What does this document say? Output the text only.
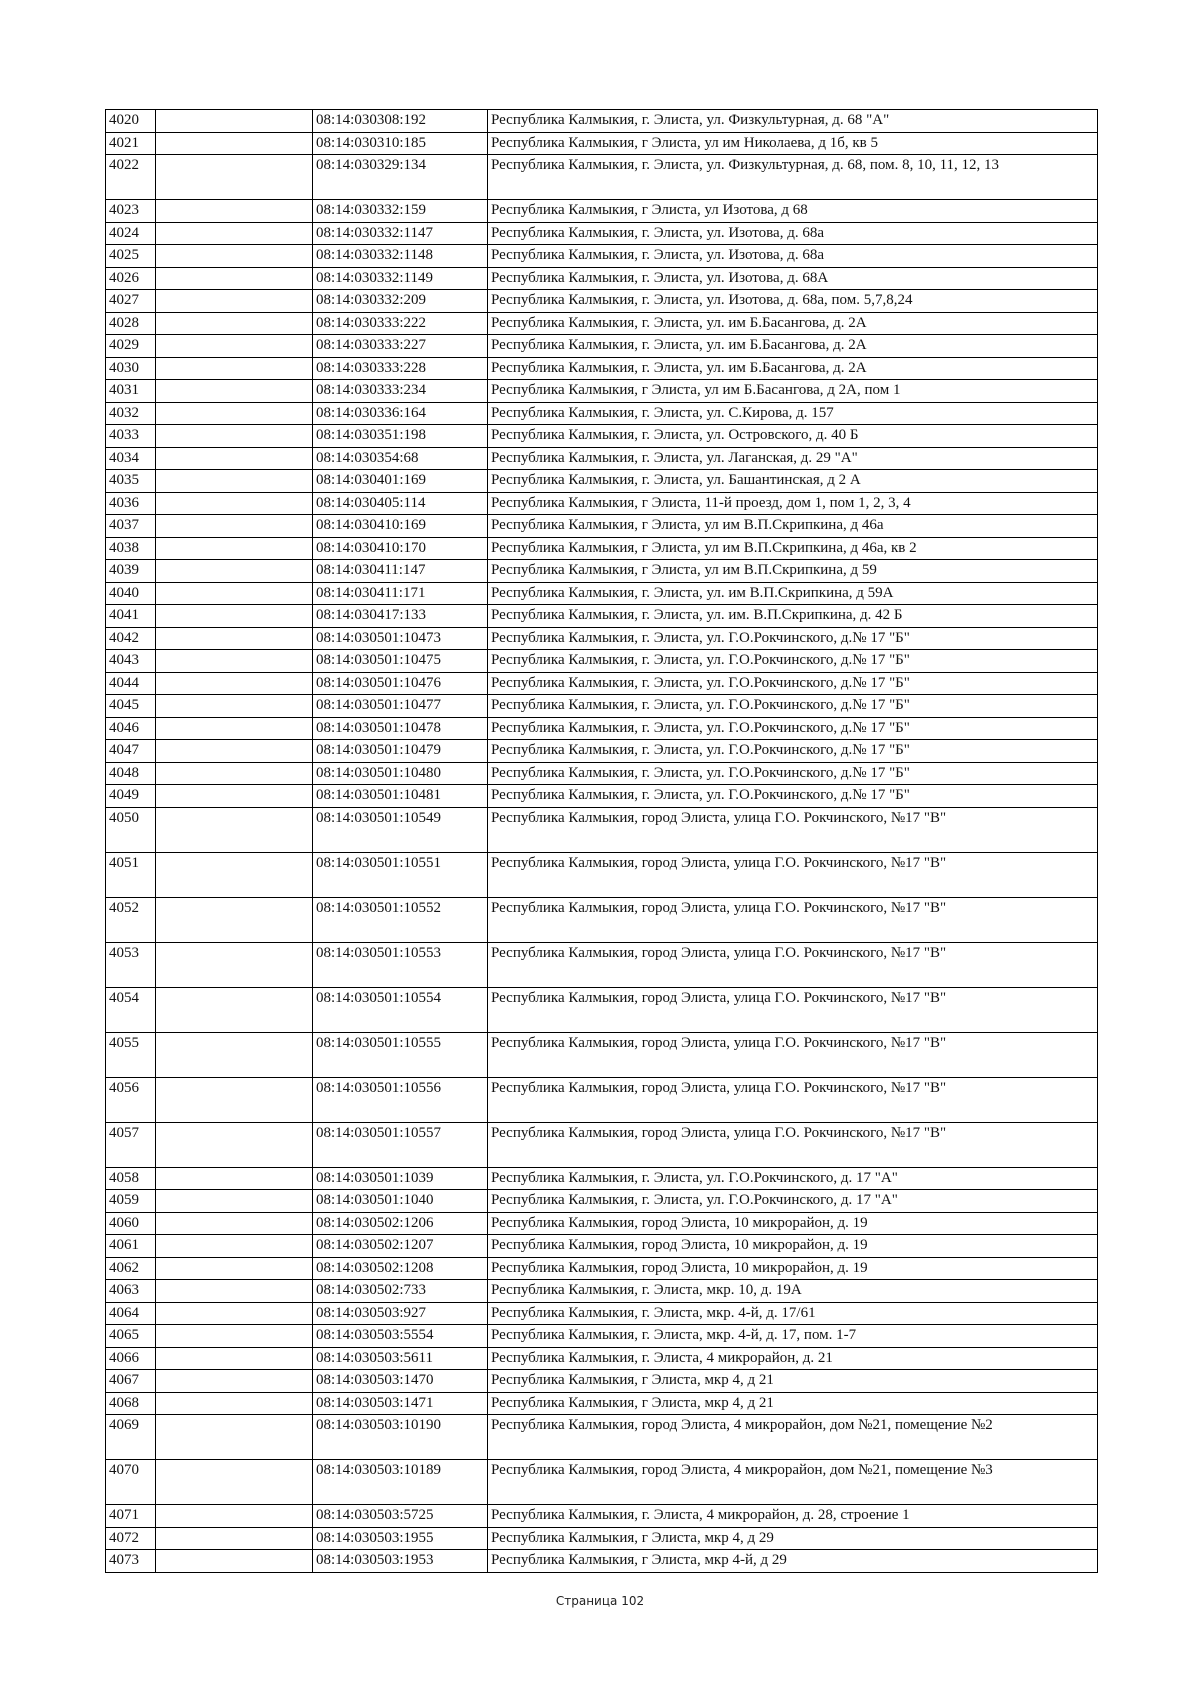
4020		08:14:030308:192	Республика Калмыкия, г. Элиста, ул. Физкультурная, д. 68 "А"
4021		08:14:030310:185	Республика Калмыкия, г Элиста, ул им Николаева, д 1б, кв 5
4022		08:14:030329:134	Республика Калмыкия, г. Элиста, ул. Физкультурная, д. 68, пом. 8, 10, 11, 12, 13
4023		08:14:030332:159	Республика Калмыкия, г Элиста, ул Изотова, д 68
4024		08:14:030332:1147	Республика Калмыкия, г. Элиста, ул. Изотова, д. 68а
4025		08:14:030332:1148	Республика Калмыкия, г. Элиста, ул. Изотова, д. 68а
4026		08:14:030332:1149	Республика Калмыкия, г. Элиста, ул. Изотова, д. 68А
4027		08:14:030332:209	Республика Калмыкия, г. Элиста, ул. Изотова, д. 68а, пом. 5,7,8,24
4028		08:14:030333:222	Республика Калмыкия, г. Элиста, ул. им Б.Басангова, д. 2А
4029		08:14:030333:227	Республика Калмыкия, г. Элиста, ул. им Б.Басангова, д. 2А
4030		08:14:030333:228	Республика Калмыкия, г. Элиста, ул. им Б.Басангова, д. 2А
4031		08:14:030333:234	Республика Калмыкия, г Элиста, ул им Б.Басангова, д 2А, пом 1
4032		08:14:030336:164	Республика Калмыкия, г. Элиста, ул. С.Кирова, д. 157
4033		08:14:030351:198	Республика Калмыкия, г. Элиста, ул. Островского, д. 40 Б
4034		08:14:030354:68	Республика Калмыкия, г. Элиста, ул. Лаганская, д. 29 "А"
4035		08:14:030401:169	Республика Калмыкия, г. Элиста, ул. Башантинская, д 2 А
4036		08:14:030405:114	Республика Калмыкия, г Элиста, 11-й проезд, дом 1, пом 1, 2, 3, 4
4037		08:14:030410:169	Республика Калмыкия, г Элиста, ул им В.П.Скрипкина, д 46а
4038		08:14:030410:170	Республика Калмыкия, г Элиста, ул им В.П.Скрипкина, д 46а, кв 2
4039		08:14:030411:147	Республика Калмыкия, г Элиста, ул им В.П.Скрипкина, д 59
4040		08:14:030411:171	Республика Калмыкия, г. Элиста, ул. им В.П.Скрипкина, д 59А
4041		08:14:030417:133	Республика Калмыкия, г. Элиста, ул. им. В.П.Скрипкина, д. 42 Б
4042		08:14:030501:10473	Республика Калмыкия, г. Элиста, ул. Г.О.Рокчинского, д.№ 17 "Б"
4043		08:14:030501:10475	Республика Калмыкия, г. Элиста, ул. Г.О.Рокчинского, д.№ 17 "Б"
4044		08:14:030501:10476	Республика Калмыкия, г. Элиста, ул. Г.О.Рокчинского, д.№ 17 "Б"
4045		08:14:030501:10477	Республика Калмыкия, г. Элиста, ул. Г.О.Рокчинского, д.№ 17 "Б"
4046		08:14:030501:10478	Республика Калмыкия, г. Элиста, ул. Г.О.Рокчинского, д.№ 17 "Б"
4047		08:14:030501:10479	Республика Калмыкия, г. Элиста, ул. Г.О.Рокчинского, д.№ 17 "Б"
4048		08:14:030501:10480	Республика Калмыкия, г. Элиста, ул. Г.О.Рокчинского, д.№ 17 "Б"
4049		08:14:030501:10481	Республика Калмыкия, г. Элиста, ул. Г.О.Рокчинского, д.№ 17 "Б"
4050		08:14:030501:10549	Республика Калмыкия, город Элиста, улица Г.О. Рокчинского, №17 "В"
4051		08:14:030501:10551	Республика Калмыкия, город Элиста, улица Г.О. Рокчинского, №17 "В"
4052		08:14:030501:10552	Республика Калмыкия, город Элиста, улица Г.О. Рокчинского, №17 "В"
4053		08:14:030501:10553	Республика Калмыкия, город Элиста, улица Г.О. Рокчинского, №17 "В"
4054		08:14:030501:10554	Республика Калмыкия, город Элиста, улица Г.О. Рокчинского, №17 "В"
4055		08:14:030501:10555	Республика Калмыкия, город Элиста, улица Г.О. Рокчинского, №17 "В"
4056		08:14:030501:10556	Республика Калмыкия, город Элиста, улица Г.О. Рокчинского, №17 "В"
4057		08:14:030501:10557	Республика Калмыкия, город Элиста, улица Г.О. Рокчинского, №17 "В"
4058		08:14:030501:1039	Республика Калмыкия, г. Элиста, ул. Г.О.Рокчинского, д. 17 "А"
4059		08:14:030501:1040	Республика Калмыкия, г. Элиста, ул. Г.О.Рокчинского, д. 17 "А"
4060		08:14:030502:1206	Республика Калмыкия, город Элиста, 10 микрорайон, д. 19
4061		08:14:030502:1207	Республика Калмыкия, город Элиста, 10 микрорайон, д. 19
4062		08:14:030502:1208	Республика Калмыкия, город Элиста, 10 микрорайон, д. 19
4063		08:14:030502:733	Республика Калмыкия, г. Элиста, мкр. 10, д. 19А
4064		08:14:030503:927	Республика Калмыкия, г. Элиста, мкр. 4-й, д. 17/61
4065		08:14:030503:5554	Республика Калмыкия, г. Элиста, мкр. 4-й, д. 17, пом. 1-7
4066		08:14:030503:5611	Республика Калмыкия, г. Элиста, 4 микрорайон, д. 21
4067		08:14:030503:1470	Республика Калмыкия, г Элиста, мкр 4, д 21
4068		08:14:030503:1471	Республика Калмыкия, г Элиста, мкр 4, д 21
4069		08:14:030503:10190	Республика Калмыкия, город Элиста, 4 микрорайон, дом №21, помещение №2
4070		08:14:030503:10189	Республика Калмыкия, город Элиста, 4 микрорайон, дом №21, помещение №3
4071		08:14:030503:5725	Республика Калмыкия, г. Элиста, 4 микрорайон, д. 28, строение 1
4072		08:14:030503:1955	Республика Калмыкия, г Элиста, мкр 4, д 29
4073		08:14:030503:1953	Республика Калмыкия, г Элиста, мкр 4-й, д 29
Страница 102
